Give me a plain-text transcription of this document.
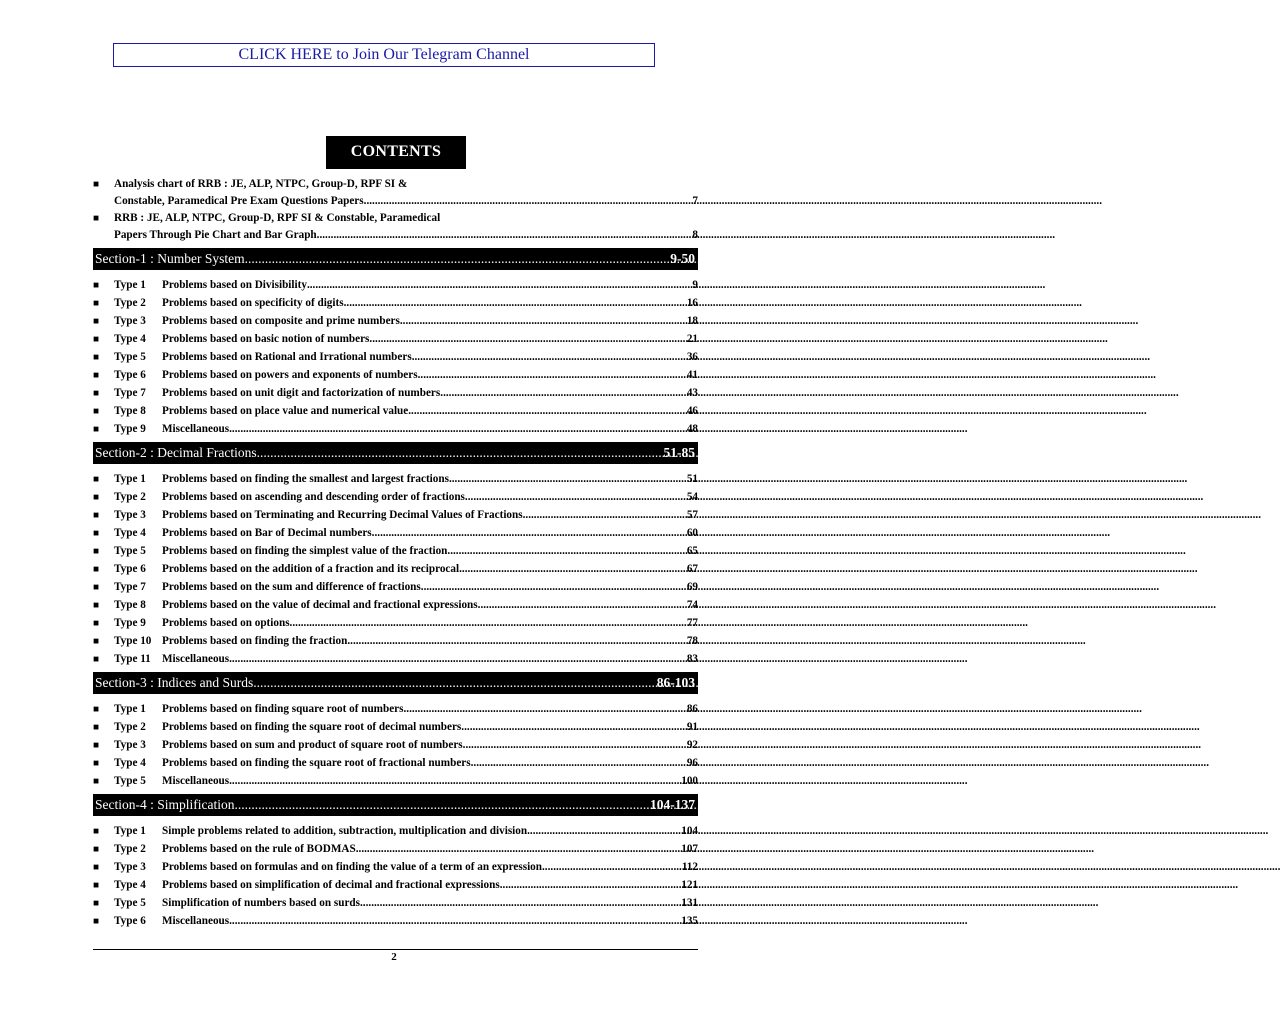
CLICK HERE to Join Our Telegram Channel
CONTENTS
■	Analysis chart of RRB : JE, ALP, NTPC, Group-D, RPF SI &
Constable, Paramedical Pre Exam Questions Papers .....	7
■	RRB : JE, ALP, NTPC, Group-D, RPF SI & Constable, Paramedical
Papers Through Pie Chart and Bar Graph .....	8
Section-1 : Number System .....	9-50
■	Type 1	Problems based on Divisibility .....	9
■	Type 2	Problems based on specificity of digits .....	16
■	Type 3	Problems based on composite and prime numbers .....	18
■	Type 4	Problems based on basic notion of numbers .....	21
■	Type 5	Problems based on Rational and Irrational numbers .....	36
■	Type 6	Problems based on powers and exponents of numbers .....	41
■	Type 7	Problems based on unit digit and factorization of numbers .....	43
■	Type 8	Problems based on place value and numerical value .....	46
■	Type 9	Miscellaneous .....	48
Section-2 : Decimal Fractions .....	51-85
■	Type 1	Problems based on finding the smallest and largest fractions .....	51
■	Type 2	Problems based on ascending and descending order of fractions .....	54
■	Type 3	Problems based on Terminating and Recurring Decimal Values of Fractions .....	57
■	Type 4	Problems based on Bar of Decimal numbers .....	60
■	Type 5	Problems based on finding the simplest value of the fraction .....	65
■	Type 6	Problems based on the addition of a fraction and its reciprocal .....	67
■	Type 7	Problems based on the sum and difference of fractions .....	69
■	Type 8	Problems based on the value of decimal and fractional expressions .....	74
■	Type 9	Problems based on options .....	77
■	Type 10 Problems based on finding the fraction .....	78
■	Type 11	Miscellaneous .....	83
Section-3 : Indices and Surds .....	86-103
■	Type 1	Problems based on finding square root of numbers .....	86
■	Type 2	Problems based on finding the square root of decimal numbers .....	91
■	Type 3	Problems based on sum and product of square root of numbers .....	92
■	Type 4	Problems based on finding the square root of fractional numbers .....	96
■	Type 5	Miscellaneous .....	100
Section-4 : Simplification .....	104-137
■	Type 1	Simple problems related to addition, subtraction, multiplication and division. .....	104
■	Type 2	Problems based on the rule of BODMAS .....	107
■	Type 3	Problems based on formulas and on finding the value of a term of an expression .....	112
■	Type 4	Problems based on simplification of decimal and fractional expressions .....	121
■	Type 5	Simplification of numbers based on surds .....	131
■	Type 6	Miscellaneous .....	135
2
